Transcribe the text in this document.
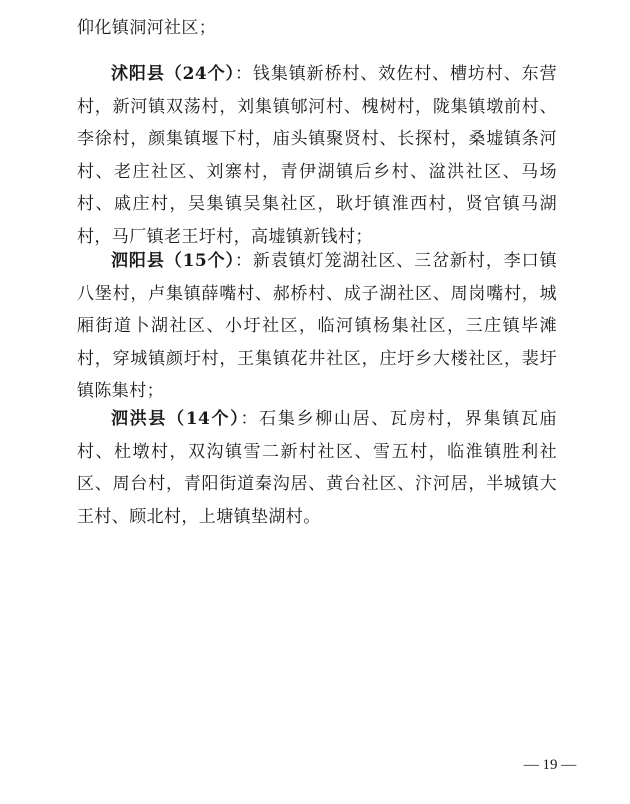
仰化镇洞河社区；
沭阳县（24个）：钱集镇新桥村、效佐村、槽坊村、东营村，新河镇双荡村，刘集镇郇河村、槐树村，陇集镇墩前村、李徐村，颜集镇堰下村，庙头镇聚贤村、长探村，桑墟镇条河村、老庄社区、刘寨村，青伊湖镇后乡村、湓洪社区、马场村、戚庄村，吴集镇吴集社区，耿圩镇淮西村，贤官镇马湖村，马厂镇老王圩村，高墟镇新钱村；
泗阳县（15个）：新袁镇灯笼湖社区、三岔新村，李口镇八堡村，卢集镇薛嘴村、郝桥村、成子湖社区、周岗嘴村，城厢街道卜湖社区、小圩社区，临河镇杨集社区，三庄镇毕滩村，穿城镇颜圩村，王集镇花井社区，庄圩乡大楼社区，裴圩镇陈集村；
泗洪县（14个）：石集乡柳山居、瓦房村，界集镇瓦庙村、杜墩村，双沟镇雪二新村社区、雪五村，临淮镇胜利社区、周台村，青阳街道秦沟居、黄台社区、汴河居，半城镇大王村、顾北村，上塘镇垫湖村。
— 19 —
